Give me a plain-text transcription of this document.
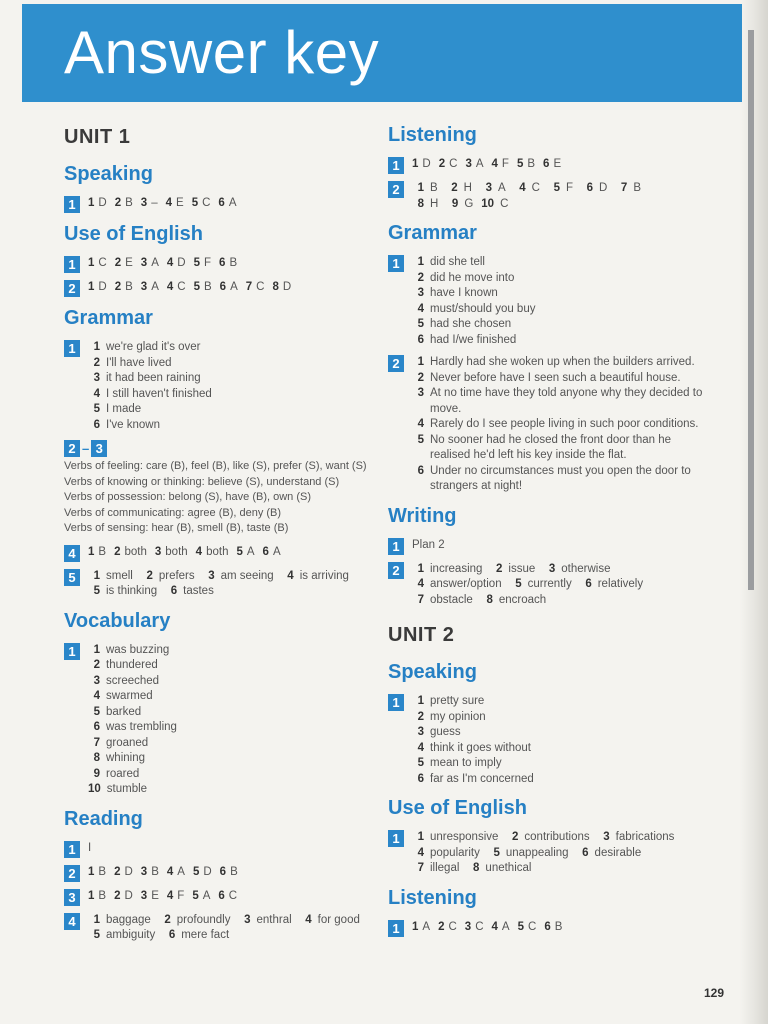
Answer key
UNIT 1
Speaking
1	1 D 2 B 3 – 4 E 5 C 6 A
Use of English
1	1 C 2 E 3 A 4 D 5 F 6 B
2	1 D 2 B 3 A 4 C 5 B 6 A 7 C 8 D
Grammar
1	1 we're glad it's over
2 I'll have lived
3 it had been raining
4 I still haven't finished
5 I made
6 I've known
2 – 3
Verbs of feeling: care (B), feel (B), like (S), prefer (S), want (S)
Verbs of knowing or thinking: believe (S), understand (S)
Verbs of possession: belong (S), have (B), own (S)
Verbs of communicating: agree (B), deny (B)
Verbs of sensing: hear (B), smell (B), taste (B)
4	1 B 2 both 3 both 4 both 5 A 6 A
5	1 smell 2 prefers 3 am seeing 4 is arriving
5 is thinking 6 tastes
Vocabulary
1	1 was buzzing
2 thundered
3 screeched
4 swarmed
5 barked
6 was trembling
7 groaned
8 whining
9 roared
10 stumble
Reading
1	I
2	1 B 2 D 3 B 4 A 5 D 6 B
3	1 B 2 D 3 E 4 F 5 A 6 C
4	1 baggage 2 profoundly 3 enthral 4 for good
5 ambiguity 6 mere fact
Listening
1	1 D 2 C 3 A 4 F 5 B 6 E
2	1 B 2 H 3 A 4 C 5 F 6 D 7 B
8 H 9 G 10 C
Grammar
1	1 did she tell
2 did he move into
3 have I known
4 must/should you buy
5 had she chosen
6 had I/we finished
2	1 Hardly had she woken up when the builders arrived.
2 Never before have I seen such a beautiful house.
3 At no time have they told anyone why they decided to move.
4 Rarely do I see people living in such poor conditions.
5 No sooner had he closed the front door than he realised he'd left his key inside the flat.
6 Under no circumstances must you open the door to strangers at night!
Writing
1	Plan 2
2	1 increasing 2 issue 3 otherwise
4 answer/option 5 currently 6 relatively
7 obstacle 8 encroach
UNIT 2
Speaking
1	1 pretty sure
2 my opinion
3 guess
4 think it goes without
5 mean to imply
6 far as I'm concerned
Use of English
1	1 unresponsive 2 contributions 3 fabrications
4 popularity 5 unappealing 6 desirable
7 illegal 8 unethical
Listening
1	1 A 2 C 3 C 4 A 5 C 6 B
129
